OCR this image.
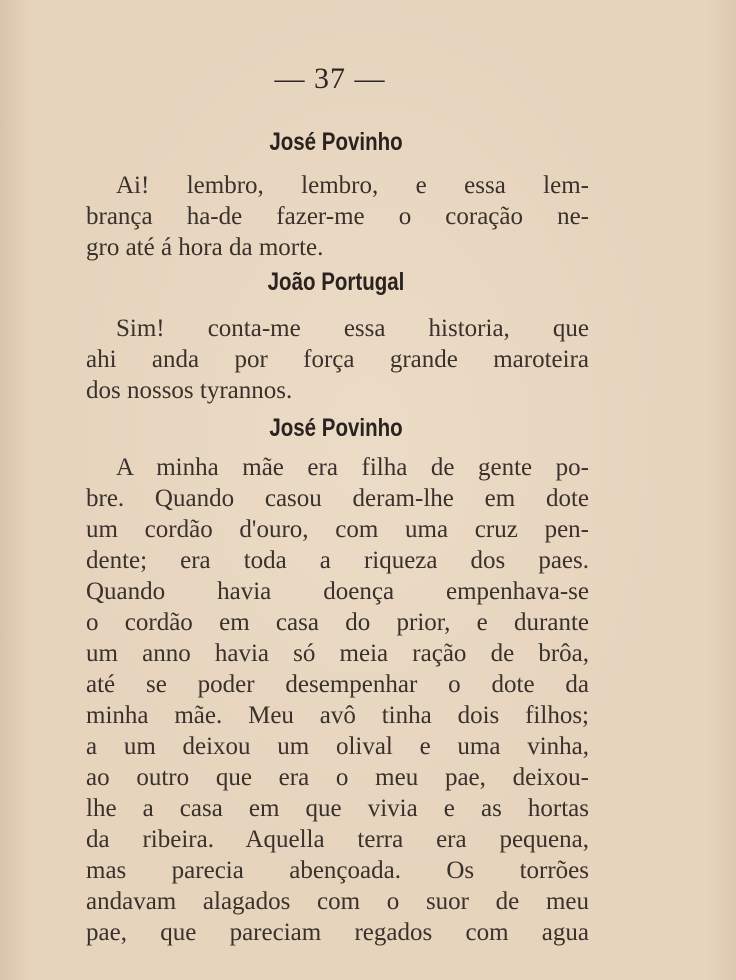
— 37 —
José Povinho
Ai! lembro, lembro, e essa lem-
brança ha-de fazer-me o coração ne-
gro até á hora da morte.
João Portugal
Sim! conta-me essa historia, que
ahi anda por força grande maroteira
dos nossos tyrannos.
José Povinho
A minha mãe era filha de gente po-
bre. Quando casou deram-lhe em dote
um cordão d'ouro, com uma cruz pen-
dente; era toda a riqueza dos paes.
Quando havia doença empenhava-se
o cordão em casa do prior, e durante
um anno havia só meia ração de brôa,
até se poder desempenhar o dote da
minha mãe. Meu avô tinha dois filhos;
a um deixou um olival e uma vinha,
ao outro que era o meu pae, deixou-
lhe a casa em que vivia e as hortas
da ribeira. Aquella terra era pequena,
mas parecia abençoada. Os torrões
andavam alagados com o suor de meu
pae, que pareciam regados com agua
